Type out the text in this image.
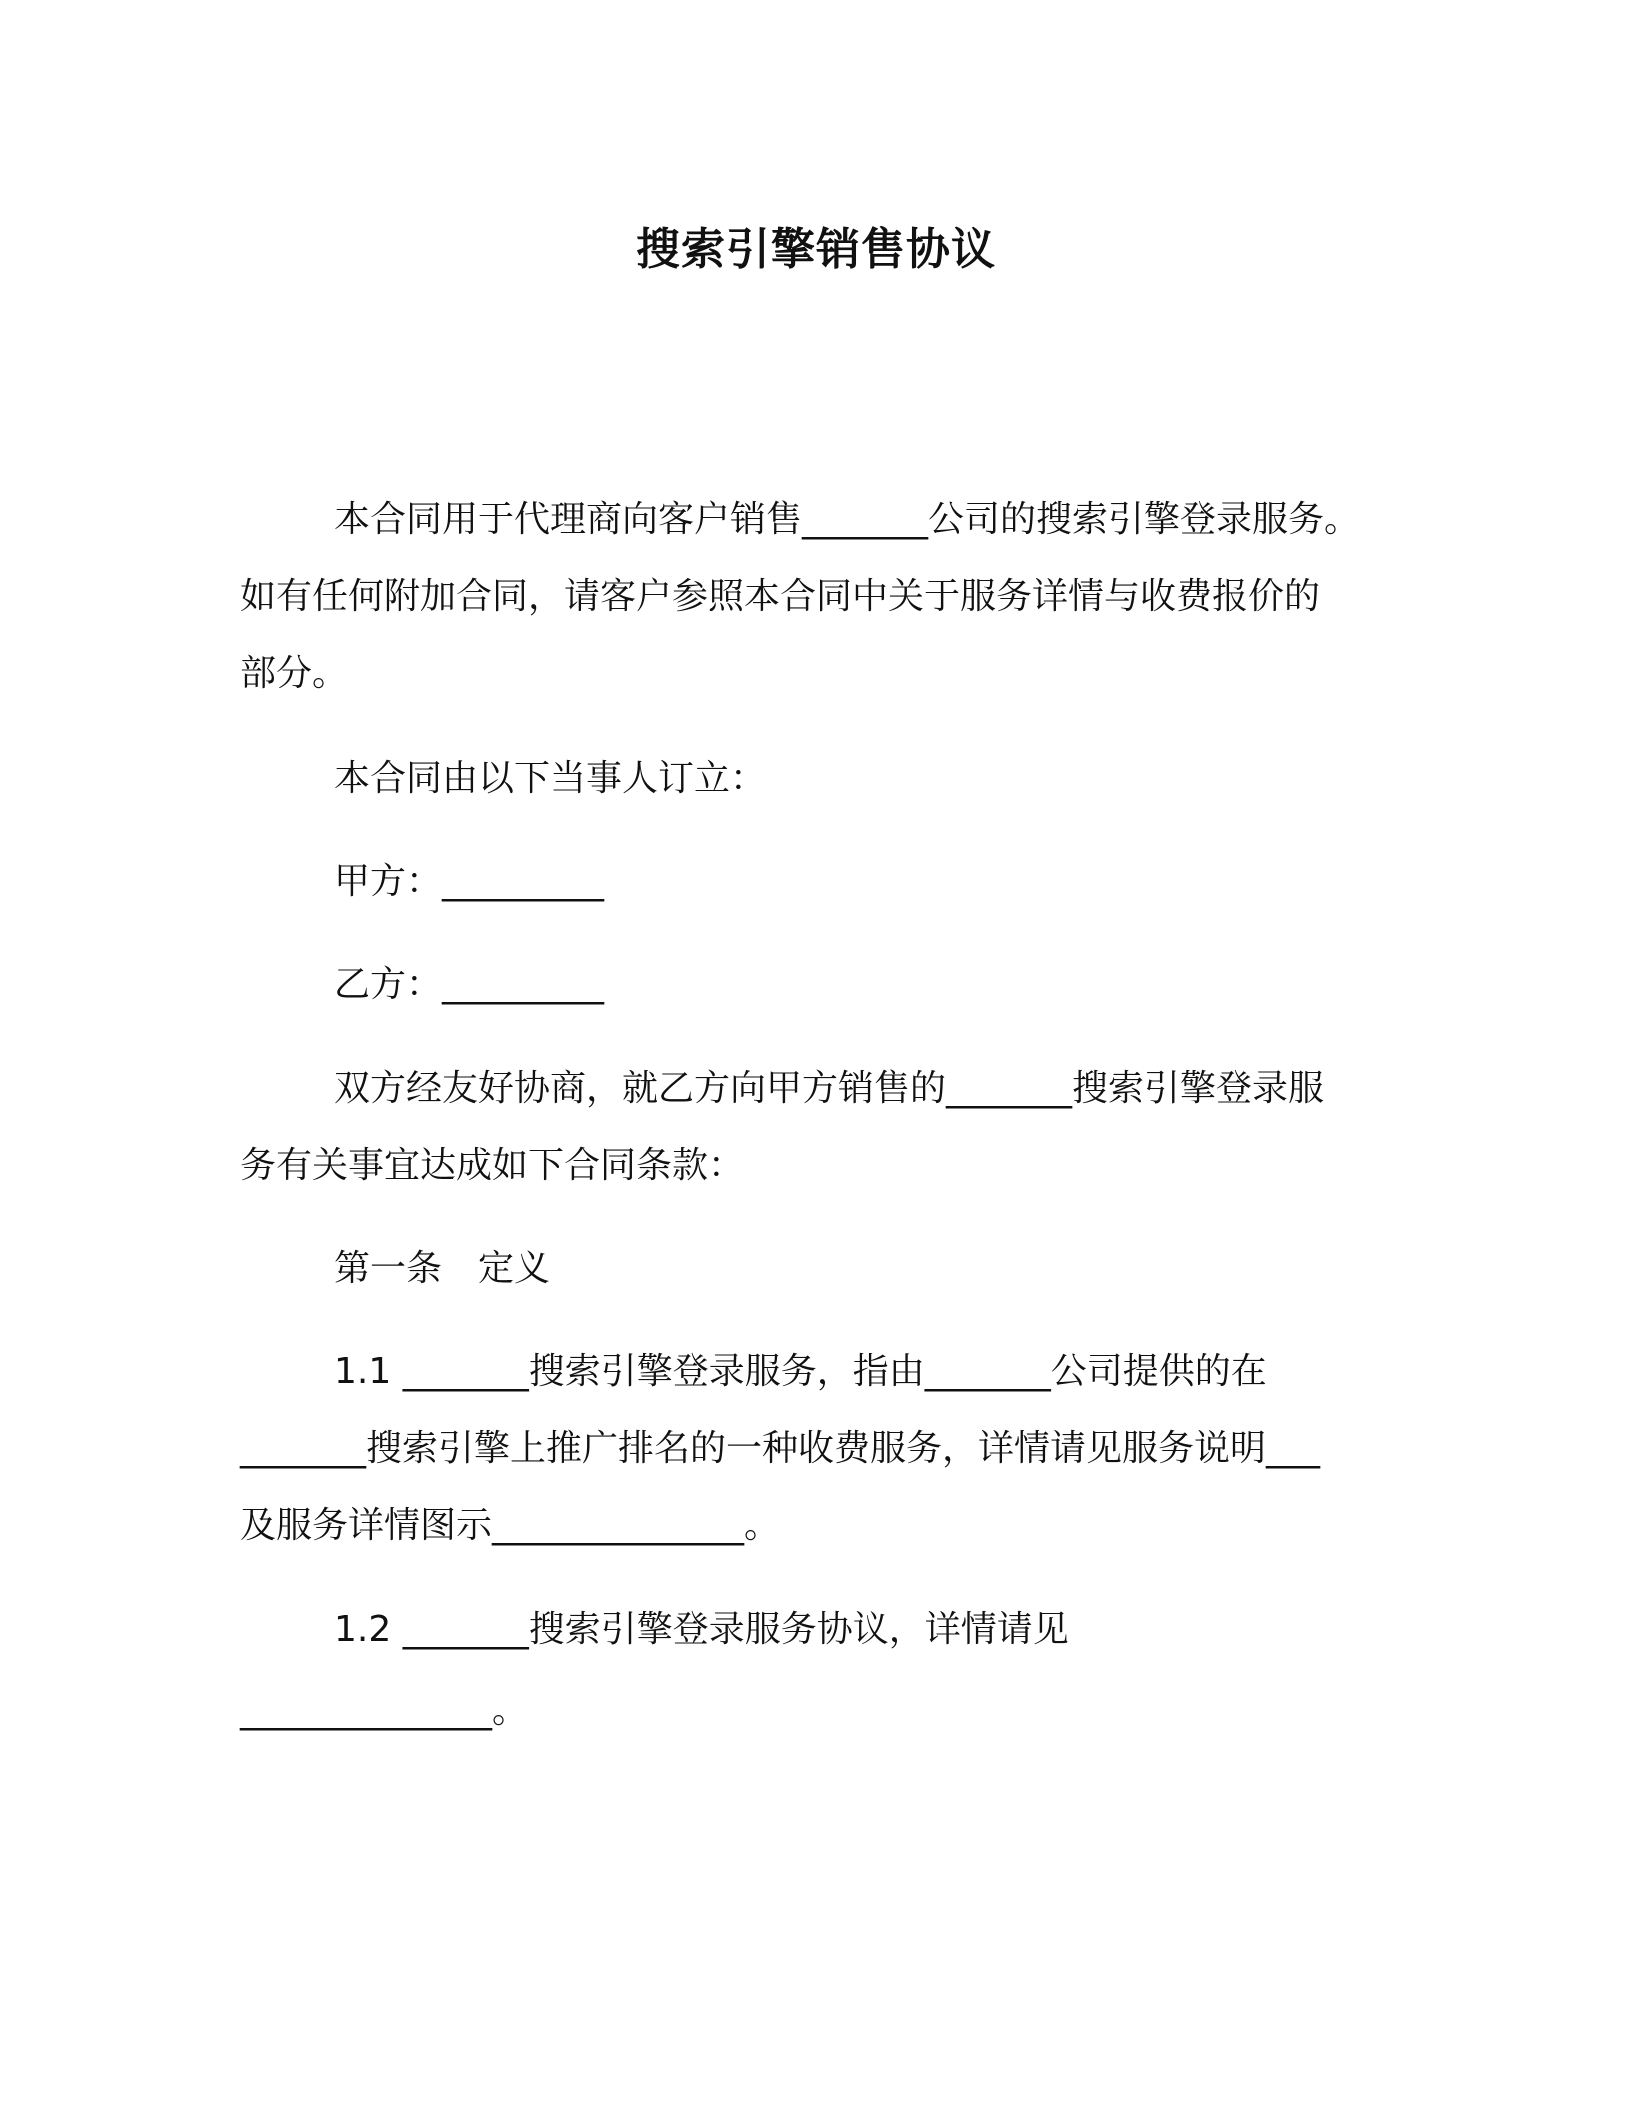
搜索引擎销售协议
本合同用于代理商向客户销售_______公司的搜索引擎登录服务。
如有任何附加合同，请客户参照本合同中关于服务详情与收费报价的
部分。
本合同由以下当事人订立：
甲方：_________
乙方：_________
双方经友好协商，就乙方向甲方销售的_______搜索引擎登录服
务有关事宜达成如下合同条款：
第一条　定义
1.1 _______搜索引擎登录服务，指由_______公司提供的在
_______搜索引擎上推广排名的一种收费服务，详情请见服务说明___
及服务详情图示______________。
1.2 _______搜索引擎登录服务协议，详情请见
______________。
